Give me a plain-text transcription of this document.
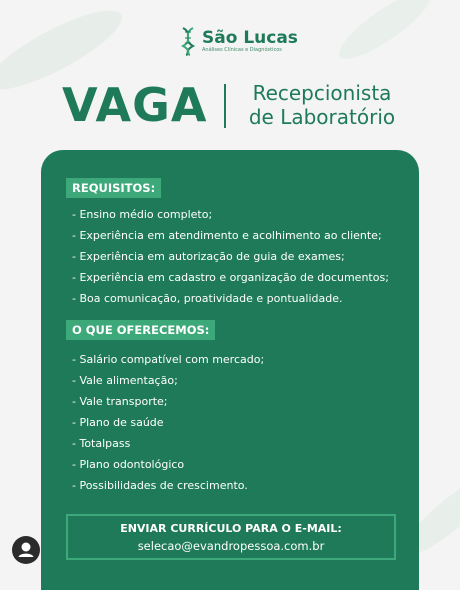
São Lucas
Análises Clínicas e Diagnósticos
VAGA	Recepcionista
de Laboratório
REQUISITOS:
- Ensino médio completo;
- Experiência em atendimento e acolhimento ao cliente;
- Experiência em autorização de guia de exames;
- Experiência em cadastro e organização de documentos;
- Boa comunicação, proatividade e pontualidade.
O QUE OFERECEMOS:
- Salário compatível com mercado;
- Vale alimentação;
- Vale transporte;
- Plano de saúde
- Totalpass
- Plano odontológico
- Possibilidades de crescimento.
ENVIAR CURRÍCULO PARA O E-MAIL:
selecao@evandropessoa.com.br
